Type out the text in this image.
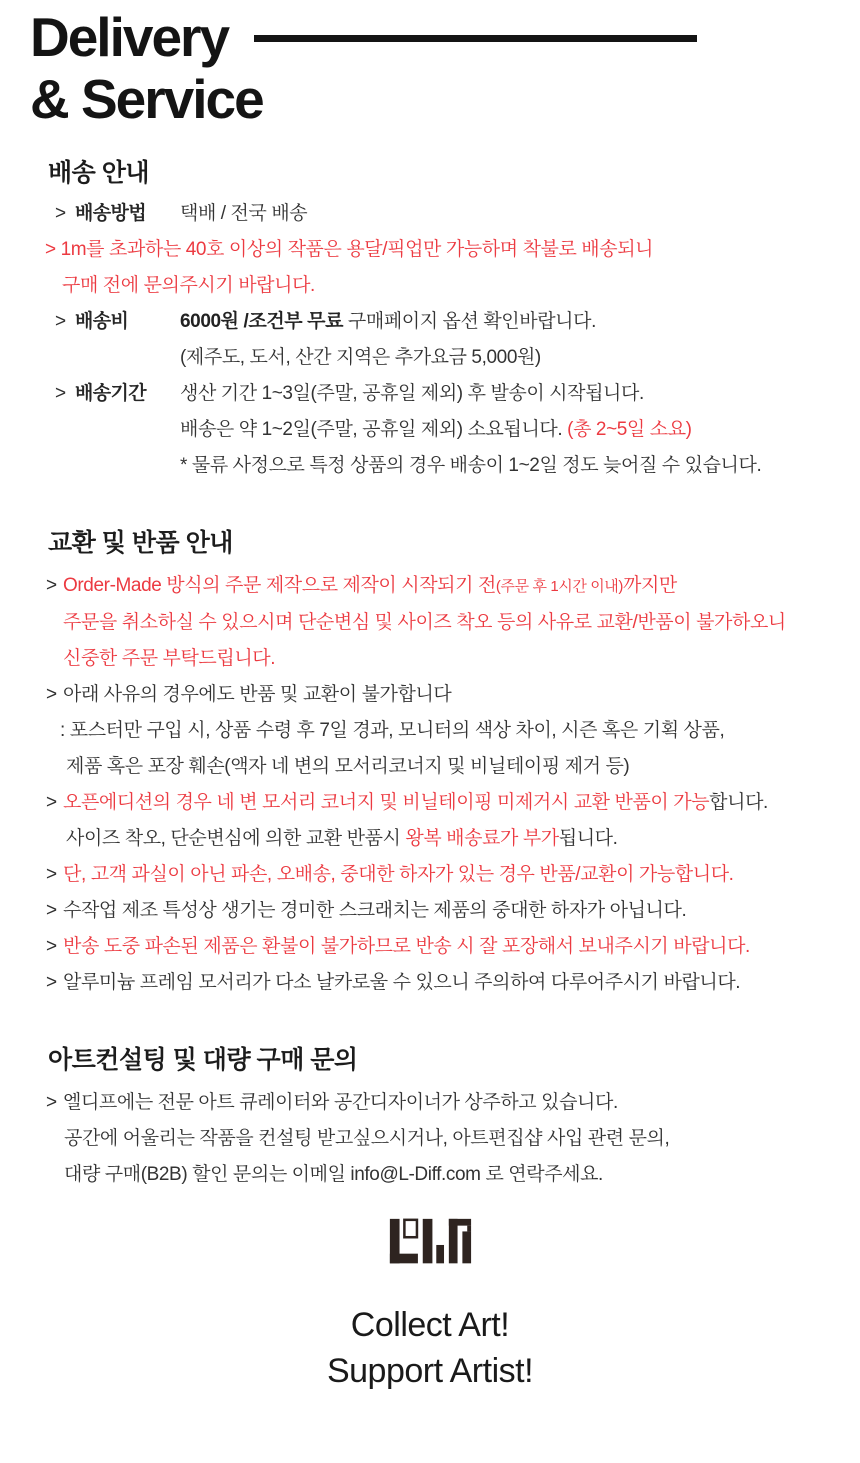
Delivery
& Service
배송 안내
> 배송방법	택배 / 전국 배송
> 1m를 초과하는 40호 이상의 작품은 용달/픽업만 가능하며 착불로 배송되니
구매 전에 문의주시기 바랍니다.
> 배송비	6000원 /조건부 무료 구매페이지 옵션 확인바랍니다.
(제주도, 도서, 산간 지역은 추가요금 5,000원)
> 배송기간	생산 기간 1~3일(주말, 공휴일 제외) 후 발송이 시작됩니다.
배송은 약 1~2일(주말, 공휴일 제외) 소요됩니다. (총 2~5일 소요)
* 물류 사정으로 특정 상품의 경우 배송이 1~2일 정도 늦어질 수 있습니다.
교환 및 반품 안내
> Order-Made 방식의 주문 제작으로 제작이 시작되기 전(주문 후 1시간 이내)까지만
주문을 취소하실 수 있으시며 단순변심 및 사이즈 착오 등의 사유로 교환/반품이 불가하오니
신중한 주문 부탁드립니다.
> 아래 사유의 경우에도 반품 및 교환이 불가합니다
: 포스터만 구입 시, 상품 수령 후 7일 경과, 모니터의 색상 차이, 시즌 혹은 기획 상품,
제품 혹은 포장 훼손(액자 네 변의 모서리코너지 및 비닐테이핑 제거 등)
> 오픈에디션의 경우 네 변 모서리 코너지 및 비닐테이핑 미제거시 교환 반품이 가능합니다.
사이즈 착오, 단순변심에 의한 교환 반품시 왕복 배송료가 부가됩니다.
> 단, 고객 과실이 아닌 파손, 오배송, 중대한 하자가 있는 경우 반품/교환이 가능합니다.
> 수작업 제조 특성상 생기는 경미한 스크래치는 제품의 중대한 하자가 아닙니다.
> 반송 도중 파손된 제품은 환불이 불가하므로 반송 시 잘 포장해서 보내주시기 바랍니다.
> 알루미늄 프레임 모서리가 다소 날카로울 수 있으니 주의하여 다루어주시기 바랍니다.
아트컨설팅 및 대량 구매 문의
> 엘디프에는 전문 아트 큐레이터와 공간디자이너가 상주하고 있습니다.
공간에 어울리는 작품을 컨설팅 받고싶으시거나, 아트편집샵 사입 관련 문의,
대량 구매(B2B) 할인 문의는 이메일 info@L-Diff.com 로 연락주세요.
Collect Art!
Support Artist!
